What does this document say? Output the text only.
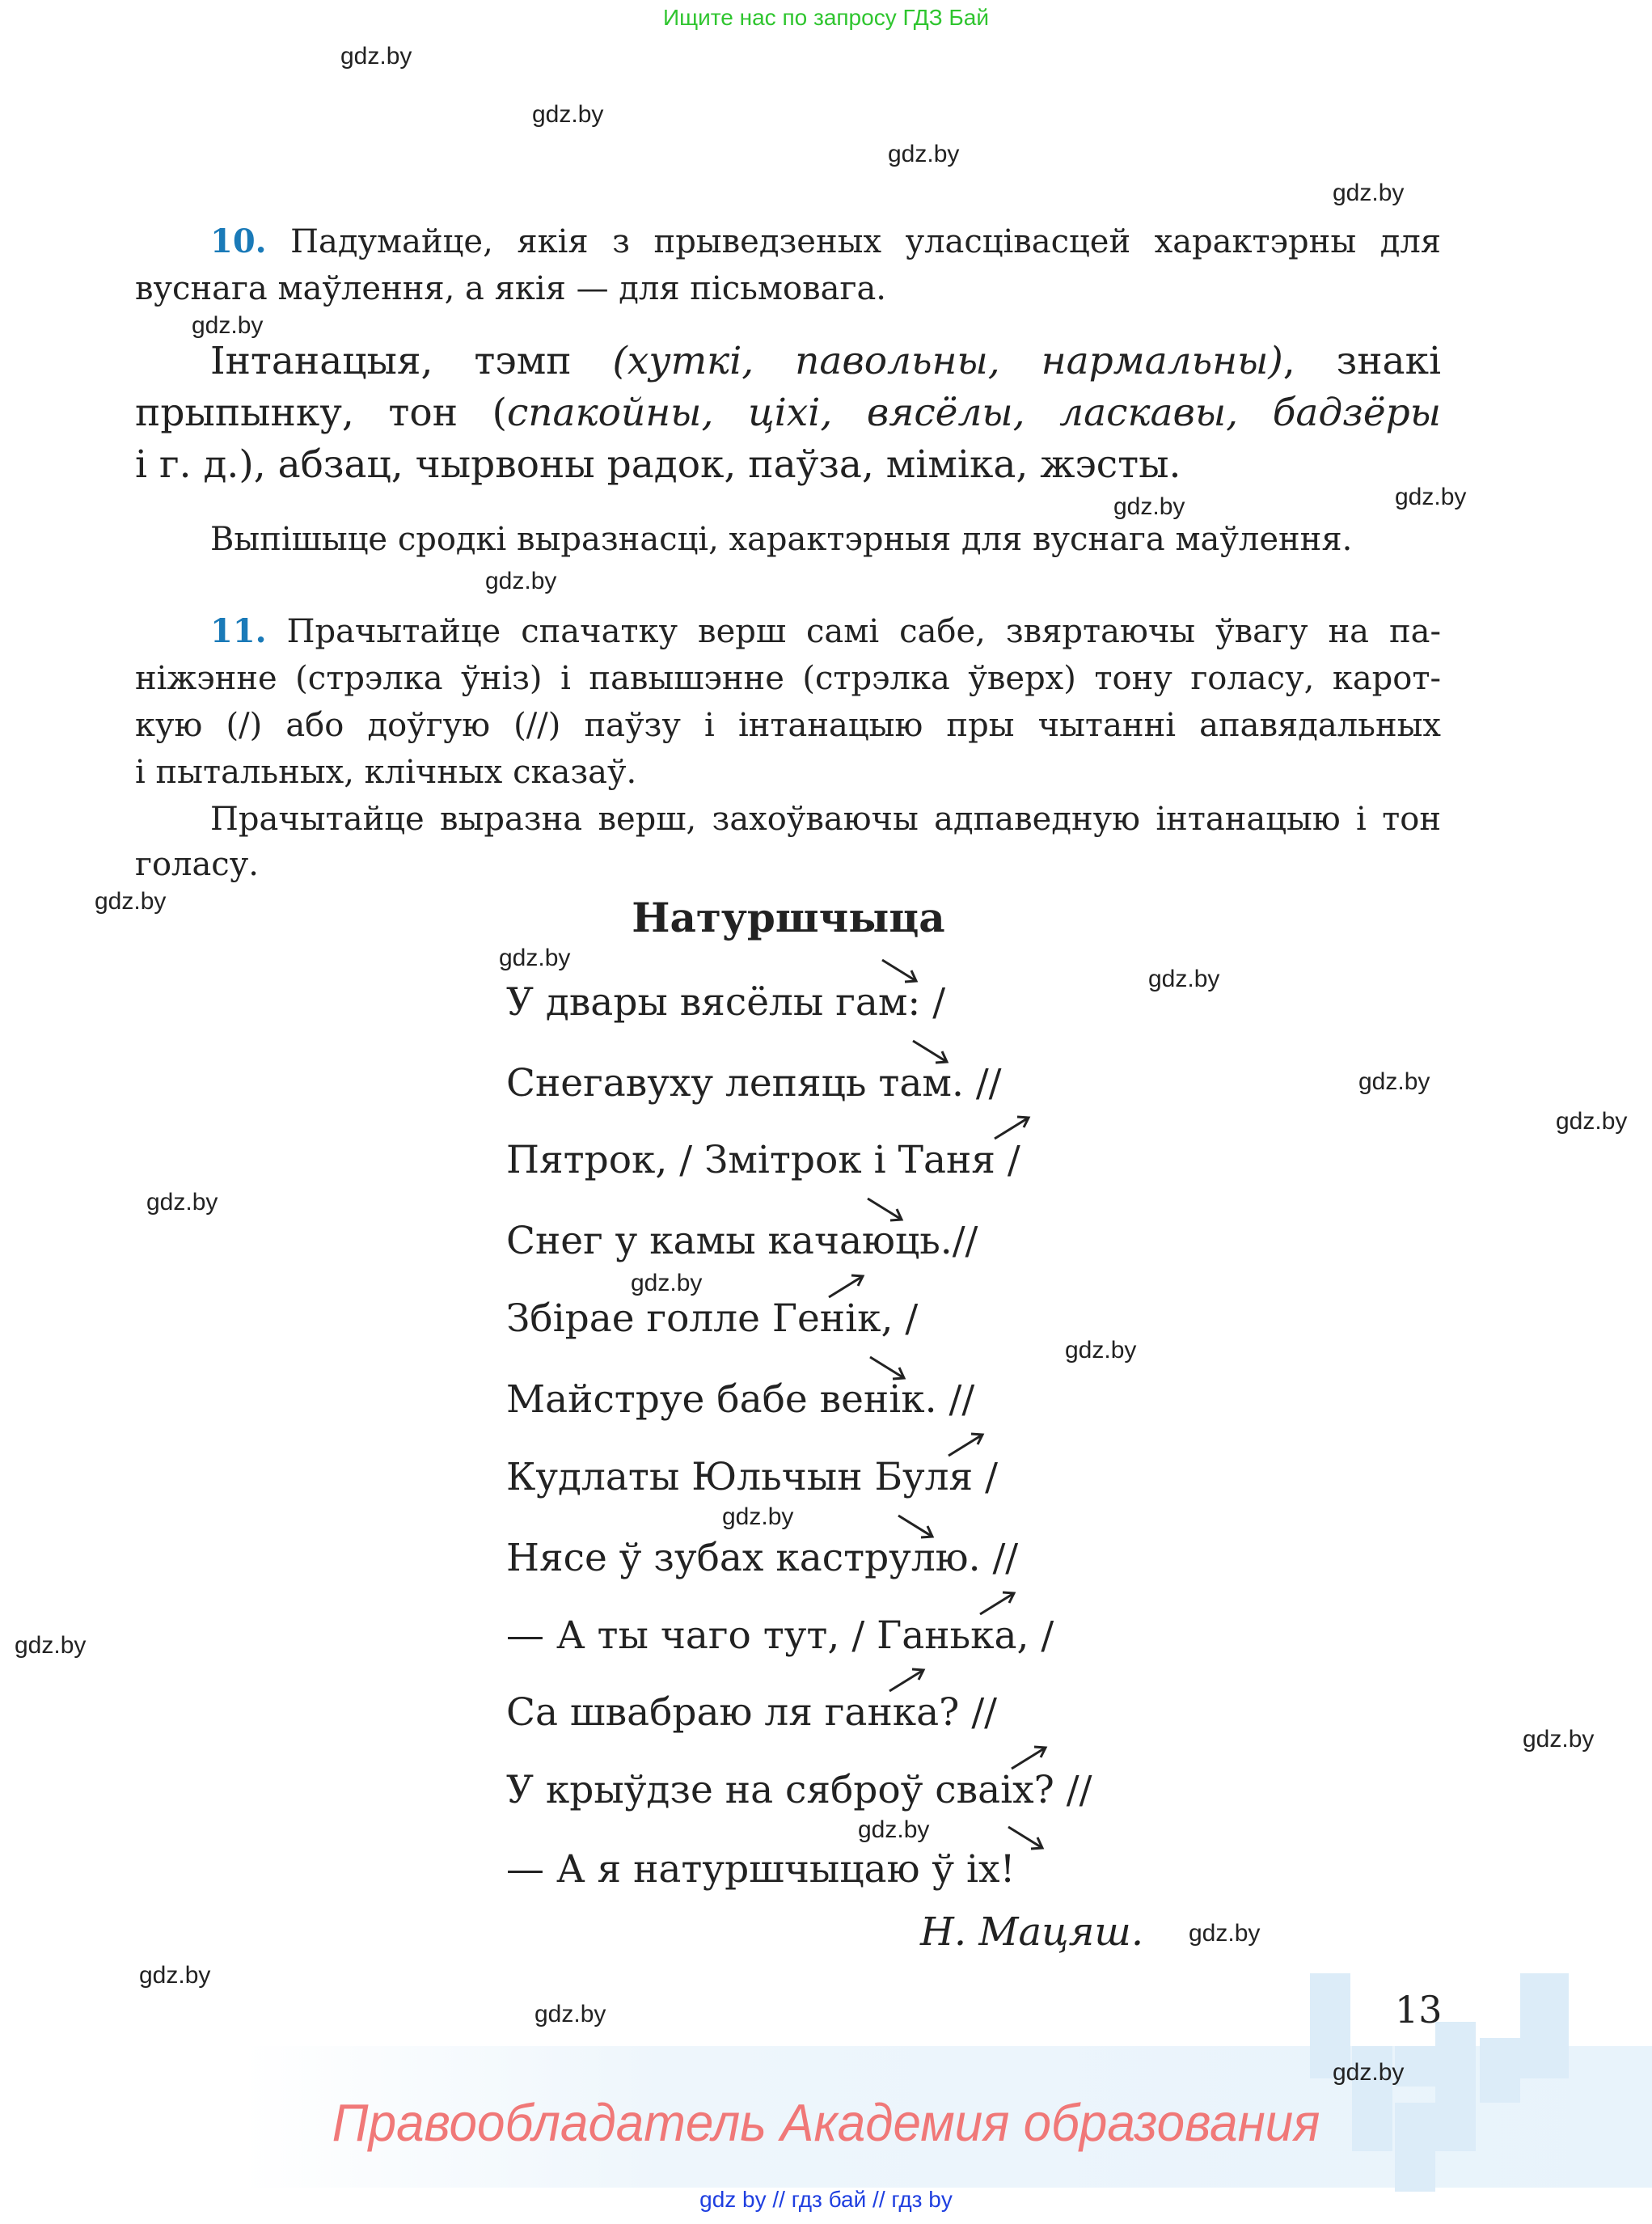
Ищите нас по запросу ГДЗ Бай
10. Падумайце, якія з прыведзеных уласцівасцей характэрны для
вуснага маўлення, а якія — для пісьмовага.
Інтанацыя, тэмп (хуткі, павольны, нармальны), знакі
прыпынку, тон (спакойны, ціхі, вясёлы, ласкавы, бадзёры
і г. д.), абзац, чырвоны радок, паўза, міміка, жэсты.
Выпішыце сродкі выразнасці, характэрныя для вуснага маўлення.
11. Прачытайце спачатку верш самі сабе, звяртаючы ўвагу на па-
ніжэнне (стрэлка ўніз) і павышэнне (стрэлка ўверх) тону голасу, карот-
кую (/) або доўгую (//) паўзу і інтанацыю пры чытанні апавядальных
і пытальных, клічных сказаў.
Прачытайце выразна верш, захоўваючы адпаведную інтанацыю і тон
голасу.
Натуршчыца
У двары вясёлы гам: /
Снегавуху лепяць там. //
Пятрок, / Змітрок і Таня /
Снег у камы качаюць.//
Збірае голле Генік, /
Майструе бабе венік. //
Кудлаты Юльчын Буля /
Нясе ў зубах каструлю. //
— А ты чаго тут, / Ганька, /
Са швабраю ля ганка? //
У крыўдзе на сяброў сваіх? //
— А я натуршчыцаю ў іх!
Н. Мацяш.
13
gdz.by
gdz.by
gdz.by
gdz.by
gdz.by
gdz.by
gdz.by
gdz.by
gdz.by
gdz.by
gdz.by
gdz.by
gdz.by
gdz.by
gdz.by
gdz.by
gdz.by
gdz.by
gdz.by
gdz.by
gdz.by
gdz.by
gdz.by
gdz.by
Правообладатель Академия образования
gdz by // гдз бай // гдз by
